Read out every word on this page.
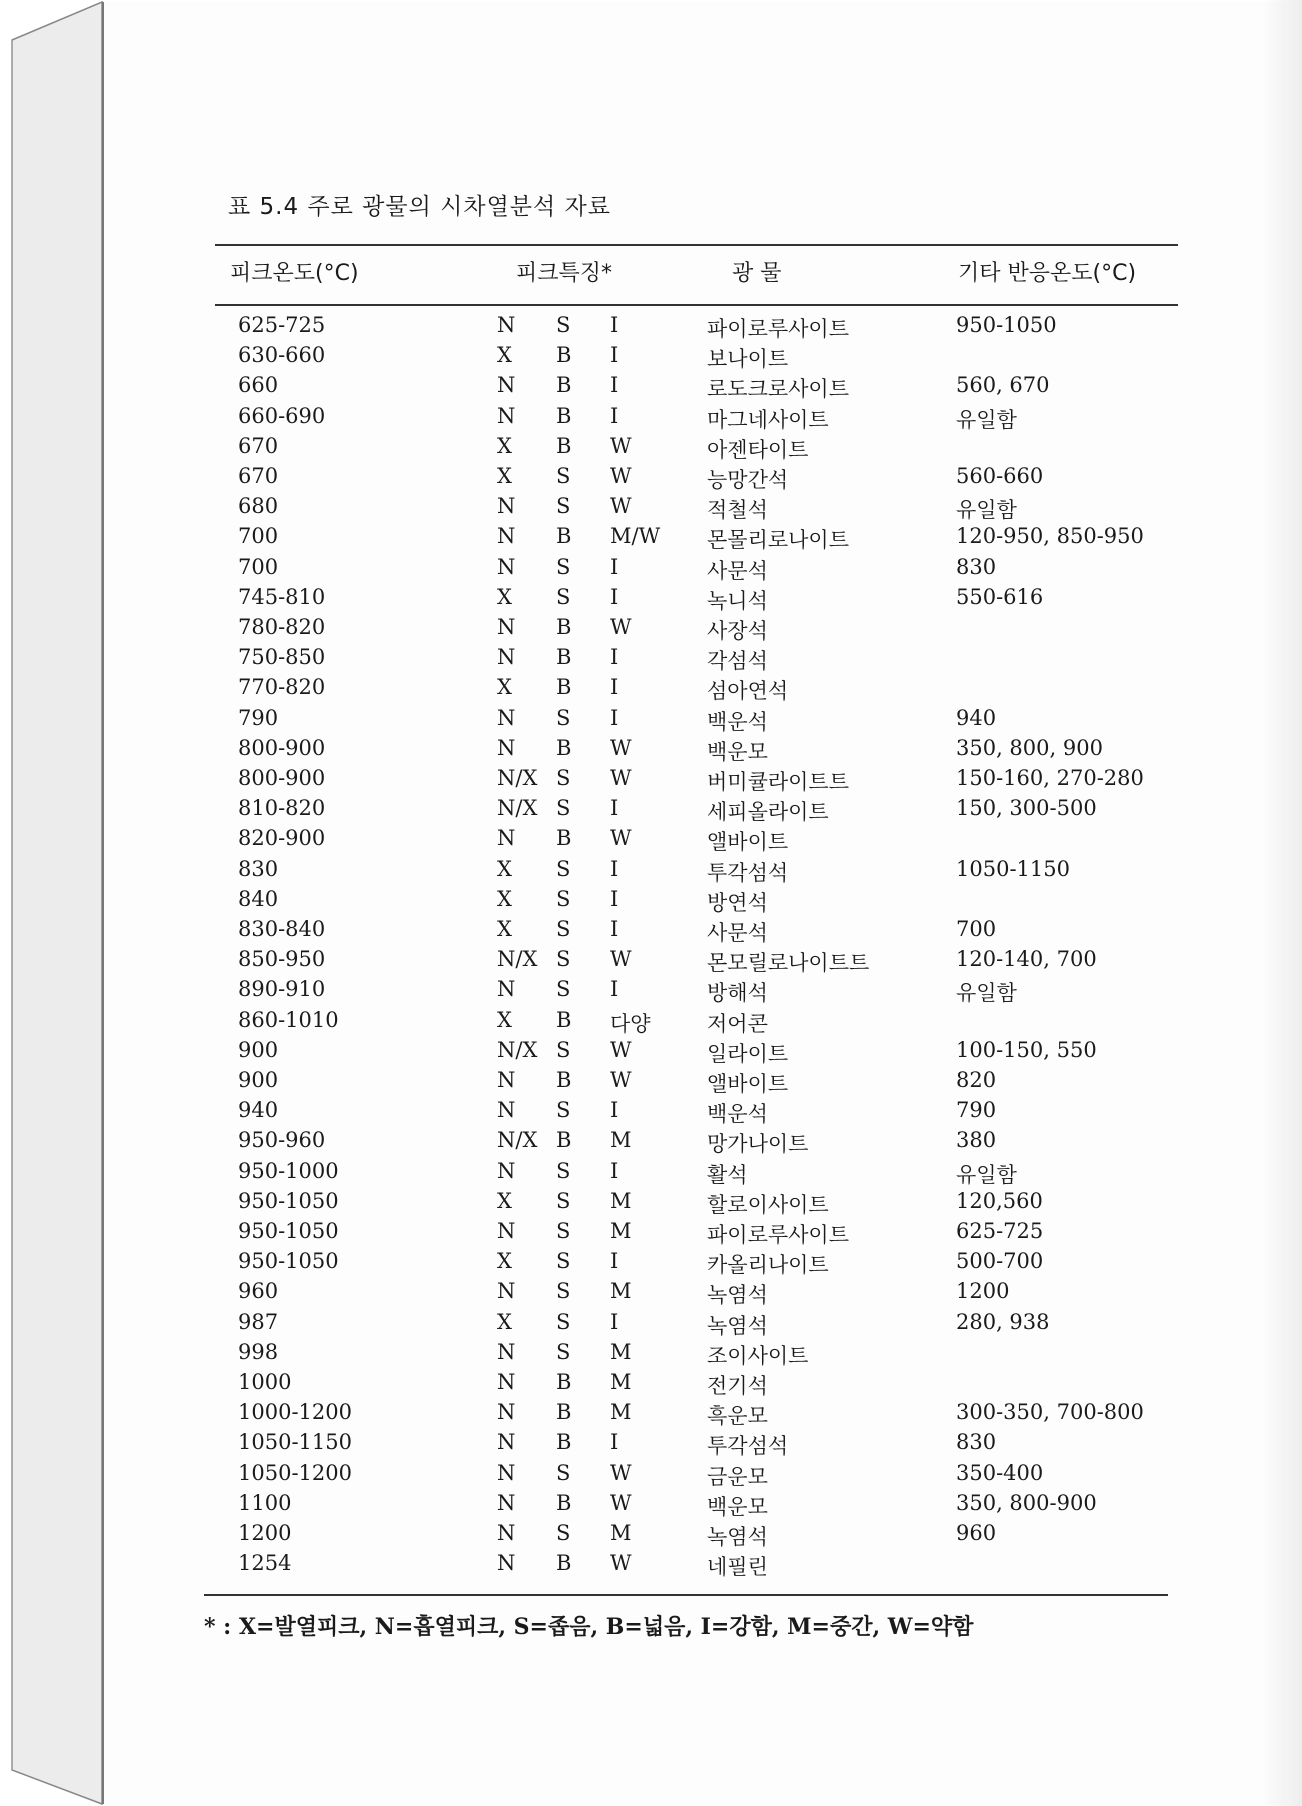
표 5.4 주로 광물의 시차열분석 자료
피크온도(°C)	피크특징*	광 물	기타 반응온도(°C)
625-725	N S I	파이로루사이트	950-1050
630-660	X B I	보나이트
660	N B I	로도크로사이트	560, 670
660-690	N B I	마그네사이트	유일함
670	X B W	아젠타이트
670	X S W	능망간석	560-660
680	N S W	적철석	유일함
700	N B M/W 몬몰리로나이트	120-950, 850-950
700	N S I	사문석	830
745-810	X S I	녹니석	550-616
780-820	N B W	사장석
750-850	N B I	각섬석
770-820	X B I	섬아연석
790	N S I	백운석	940
800-900	N B W	백운모	350, 800, 900
800-900	N/X S W	버미큘라이트트	150-160, 270-280
810-820	N/X S I	세피올라이트	150, 300-500
820-900	N B W	앨바이트
830	X S I	투각섬석	1050-1150
840	X S I	방연석
830-840	X S I	사문석	700
850-950	N/X S W	몬모릴로나이트트	120-140, 700
890-910	N S I	방해석	유일함
860-1010	X B 다양	저어콘
900	N/X S W	일라이트	100-150, 550
900	N B W	앨바이트	820
940	N S I	백운석	790
950-960	N/X B M	망가나이트	380
950-1000	N S I	활석	유일함
950-1050	X S M	할로이사이트	120,560
950-1050	N S M	파이로루사이트	625-725
950-1050	X S I	카올리나이트	500-700
960	N S M	녹염석	1200
987	X S I	녹염석	280, 938
998	N S M	조이사이트
1000	N B M	전기석
1000-1200	N B M	흑운모	300-350, 700-800
1050-1150	N B I	투각섬석	830
1050-1200	N S W	금운모	350-400
1100	N B W	백운모	350, 800-900
1200	N S M	녹염석	960
1254	N B W	네필린
* : X=발열피크, N=흡열피크, S=좁음, B=넓음, I=강함, M=중간, W=약함
